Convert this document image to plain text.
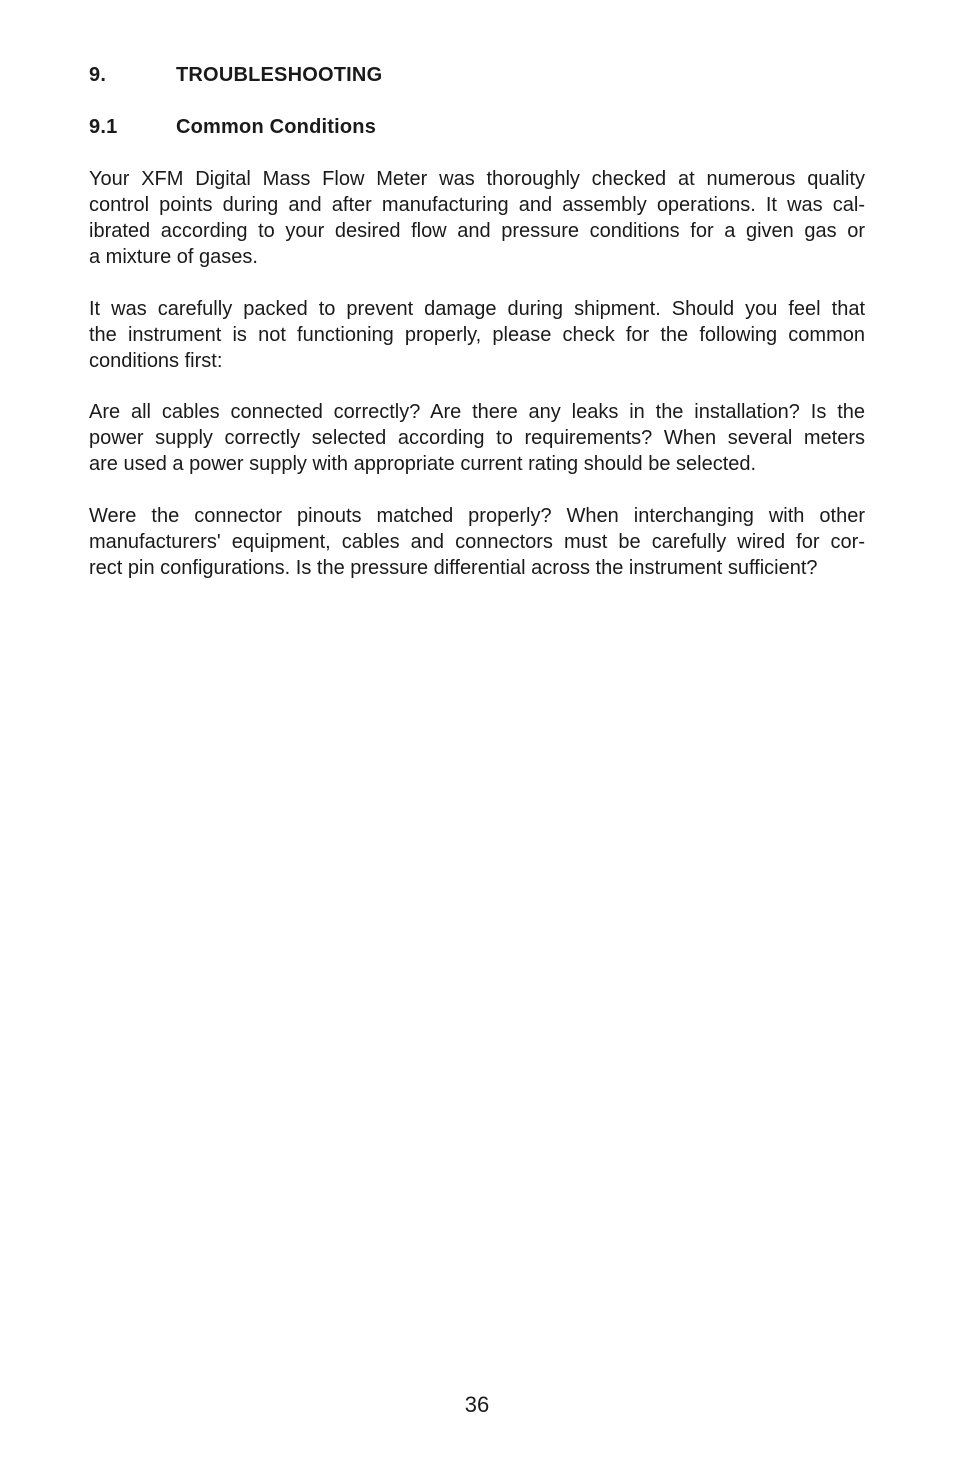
9.	TROUBLESHOOTING
9.1	Common Conditions

Your XFM Digital Mass Flow Meter was thoroughly checked at numerous quality
control points during and after manufacturing and assembly operations. It was cal-
ibrated according to your desired flow and pressure conditions for a given gas or
a mixture of gases.

It was carefully packed to prevent damage during shipment. Should you feel that
the instrument is not functioning properly, please check for the following common
conditions first:

Are all cables connected correctly? Are there any leaks in the installation? Is the
power supply correctly selected according to requirements? When several meters
are used a power supply with appropriate current rating should be selected.

Were the connector pinouts matched properly? When interchanging with other
manufacturers' equipment, cables and connectors must be carefully wired for cor-
rect pin configurations. Is the pressure differential across the instrument sufficient?

36
